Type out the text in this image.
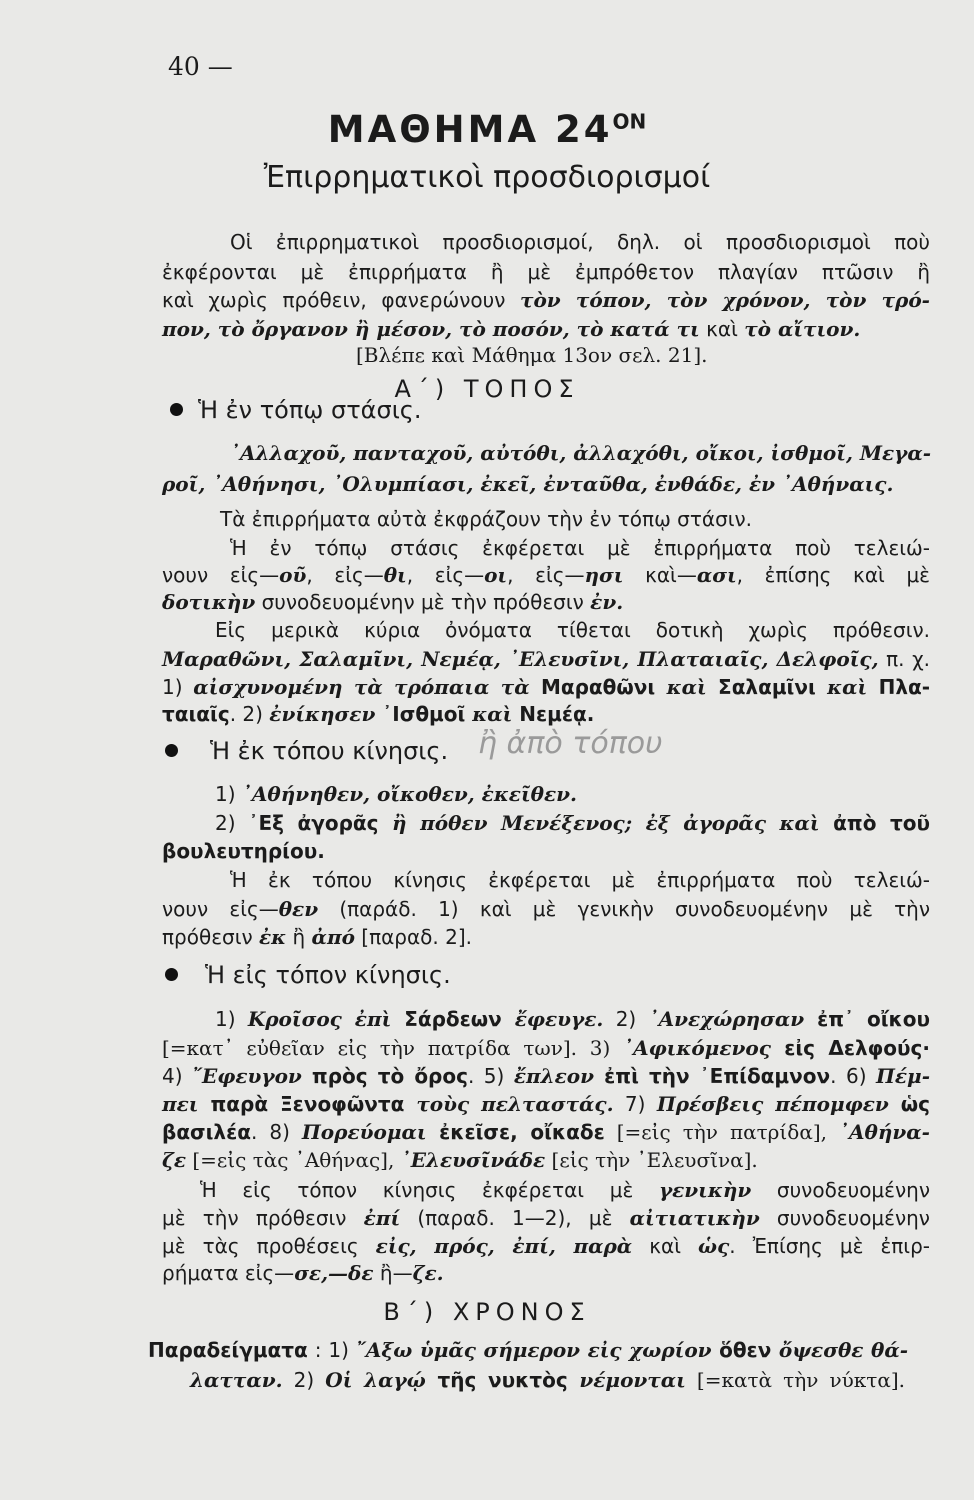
40 —
ΜΑΘΗΜΑ $24^{ON}$
Ἐπιρρηματικοὶ προσδιορισμοί
Οἱ ἐπιρρηματικοὶ προσδιορισμοί, δηλ. οἱ προσδιορισμοὶ ποὺ
ἐκφέρονται μὲ ἐπιρρήματα ἢ μὲ ἐμπρόθετον πλαγίαν πτῶσιν ἢ
καὶ χωρὶς πρόθειν, φανερώνουν τὸν τόπον, τὸν χρόνον, τὸν τρό-
πον, τὸ ὄργανον ἢ μέσον, τὸ ποσόν, τὸ κατά τι καὶ τὸ αἴτιον.
[Βλέπε καὶ Μάθημα 13ον σελ. 21].
Α΄) ΤΟΠΟΣ
Ἡ ἐν τόπῳ στάσις.
᾿Αλλαχοῦ, πανταχοῦ, αὐτόθι, ἀλλαχόθι, οἴκοι, ἰσθμοῖ, Μεγα-
ροῖ, ᾿Αθήνησι, ᾿Ολυμπίασι, ἐκεῖ, ἐνταῦθα, ἐνθάδε, ἐν ᾿Αθήναις.
Τὰ ἐπιρρήματα αὐτὰ ἐκφράζουν τὴν ἐν τόπῳ στάσιν.
Ἡ ἐν τόπῳ στάσις ἐκφέρεται μὲ ἐπιρρήματα ποὺ τελειώ-
νουν εἰς—οῦ, εἰς—θι, εἰς—οι, εἰς—ησι καὶ—ασι, ἐπίσης καὶ μὲ
δοτικὴν συνοδευομένην μὲ τὴν πρόθεσιν ἐν.
Εἰς μερικὰ κύρια ὀνόματα τίθεται δοτικὴ χωρὶς πρόθεσιν.
Μαραθῶνι, Σαλαμῖνι, Νεμέᾳ, ᾿Ελευσῖνι, Πλαταιαῖς, Δελφοῖς, π. χ.
1) αἰσχυνομένη τὰ τρόπαια τὰ Μαραθῶνι καὶ Σαλαμῖνι καὶ Πλα-
ταιαῖς. 2) ἐνίκησεν ᾿Ισθμοῖ καὶ Νεμέᾳ.
Ἡ ἐκ τόπου κίνησις. ἢ ἀπὸ τόπου
1) ᾿Αθήνηθεν, οἴκοθεν, ἐκεῖθεν.
2) ᾿Εξ ἀγορᾶς ἢ πόθεν Μενέξενος; ἐξ ἀγορᾶς καὶ ἀπὸ τοῦ
βουλευτηρίου.
Ἡ ἐκ τόπου κίνησις ἐκφέρεται μὲ ἐπιρρήματα ποὺ τελειώ-
νουν εἰς—θεν (παράδ. 1) καὶ μὲ γενικὴν συνοδευομένην μὲ τὴν
πρόθεσιν ἐκ ἢ ἀπό [παραδ. 2].
Ἡ εἰς τόπον κίνησις.
1) Κροῖσος ἐπὶ Σάρδεων ἔφευγε. 2) ᾿Ανεχώρησαν ἐπ᾿ οἴκου
[=κατ᾿ εὐθεῖαν εἰς τὴν πατρίδα των]. 3) ᾿Αφικόμενος εἰς Δελφούς·
4) ῎Εφευγον πρὸς τὸ ὄρος. 5) ἔπλεον ἐπὶ τὴν ᾿Επίδαμνον. 6) Πέμ-
πει παρὰ Ξενοφῶντα τοὺς πελταστάς. 7) Πρέσβεις πέπομφεν ὡς
βασιλέα. 8) Πορεύομαι ἐκεῖσε, οἴκαδε [=εἰς τὴν πατρίδα], ᾿Αθήνα-
ζε [=εἰς τὰς ᾿Αθήνας], ᾿Ελευσῖνάδε [εἰς τὴν ᾿Ελευσῖνα].
Ἡ εἰς τόπον κίνησις ἐκφέρεται μὲ γενικὴν συνοδευομένην
μὲ τὴν πρόθεσιν ἐπί (παραδ. 1—2), μὲ αἰτιατικὴν συνοδευομένην
μὲ τὰς προθέσεις εἰς, πρός, ἐπί, παρὰ καὶ ὡς. Ἐπίσης μὲ ἐπιρ-
ρήματα εἰς—σε,—δε ἢ—ζε.
Β΄) ΧΡΟΝΟΣ
Παραδείγματα : 1) ῎Αξω ὑμᾶς σήμερον εἰς χωρίον ὅθεν ὄψεσθε θά-
λατταν. 2) Οἱ λαγῴ τῆς νυκτὸς νέμονται [=κατὰ τὴν νύκτα].
